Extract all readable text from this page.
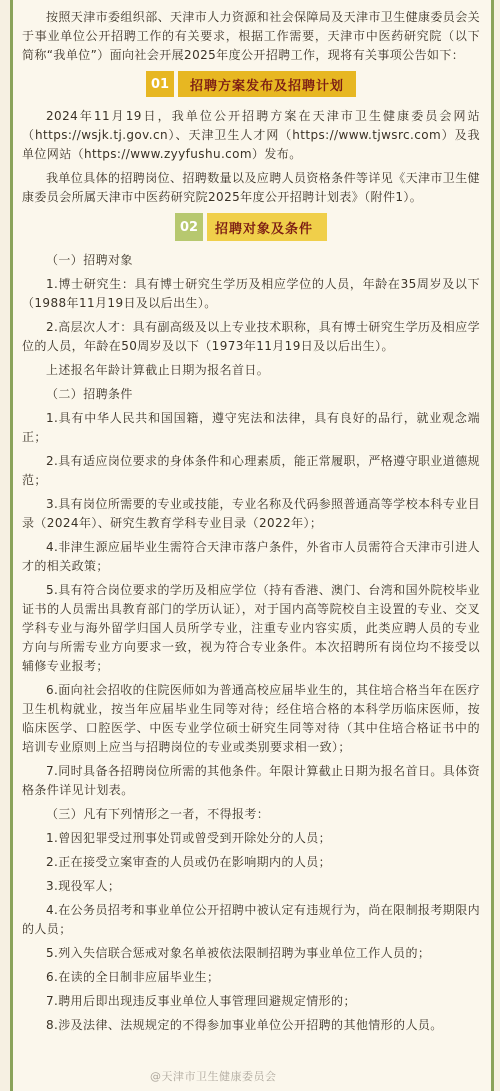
按照天津市委组织部、天津市人力资源和社会保障局及天津市卫生健康委员会关于事业单位公开招聘工作的有关要求，根据工作需要，天津市中医药研究院（以下简称“我单位”）面向社会开展2025年度公开招聘工作，现将有关事项公告如下：

01	招聘方案发布及招聘计划

2024年11月19日，我单位公开招聘方案在天津市卫生健康委员会网站（https://wsjk.tj.gov.cn）、天津卫生人才网（https://www.tjwsrc.com）及我单位网站（https://www.zyyfushu.com）发布。

我单位具体的招聘岗位、招聘数量以及应聘人员资格条件等详见《天津市卫生健康委员会所属天津市中医药研究院2025年度公开招聘计划表》（附件1）。

02	招聘对象及条件

（一）招聘对象

1.博士研究生：具有博士研究生学历及相应学位的人员，年龄在35周岁及以下（1988年11月19日及以后出生）。

2.高层次人才：具有副高级及以上专业技术职称，具有博士研究生学历及相应学位的人员，年龄在50周岁及以下（1973年11月19日及以后出生）。

上述报名年龄计算截止日期为报名首日。

（二）招聘条件

1.具有中华人民共和国国籍，遵守宪法和法律，具有良好的品行，就业观念端正；

2.具有适应岗位要求的身体条件和心理素质，能正常履职，严格遵守职业道德规范；

3.具有岗位所需要的专业或技能，专业名称及代码参照普通高等学校本科专业目录（2024年）、研究生教育学科专业目录（2022年）；

4.非津生源应届毕业生需符合天津市落户条件，外省市人员需符合天津市引进人才的相关政策；

5.具有符合岗位要求的学历及相应学位（持有香港、澳门、台湾和国外院校毕业证书的人员需出具教育部门的学历认证），对于国内高等院校自主设置的专业、交叉学科专业与海外留学归国人员所学专业，注重专业内容实质，此类应聘人员的专业方向与所需专业方向要求一致，视为符合专业条件。本次招聘所有岗位均不接受以辅修专业报考；

6.面向社会招收的住院医师如为普通高校应届毕业生的，其住培合格当年在医疗卫生机构就业，按当年应届毕业生同等对待；经住培合格的本科学历临床医师，按临床医学、口腔医学、中医专业学位硕士研究生同等对待（其中住培合格证书中的培训专业原则上应当与招聘岗位的专业或类别要求相一致）；

7.同时具备各招聘岗位所需的其他条件。年限计算截止日期为报名首日。具体资格条件详见计划表。

（三）凡有下列情形之一者，不得报考：

1.曾因犯罪受过刑事处罚或曾受到开除处分的人员；

2.正在接受立案审查的人员或仍在影响期内的人员；

3.现役军人；

4.在公务员招考和事业单位公开招聘中被认定有违规行为，尚在限制报考期限内的人员；

5.列入失信联合惩戒对象名单被依法限制招聘为事业单位工作人员的；

6.在读的全日制非应届毕业生；

7.聘用后即出现违反事业单位人事管理回避规定情形的；

8.涉及法律、法规规定的不得参加事业单位公开招聘的其他情形的人员。

@天津市卫生健康委员会
